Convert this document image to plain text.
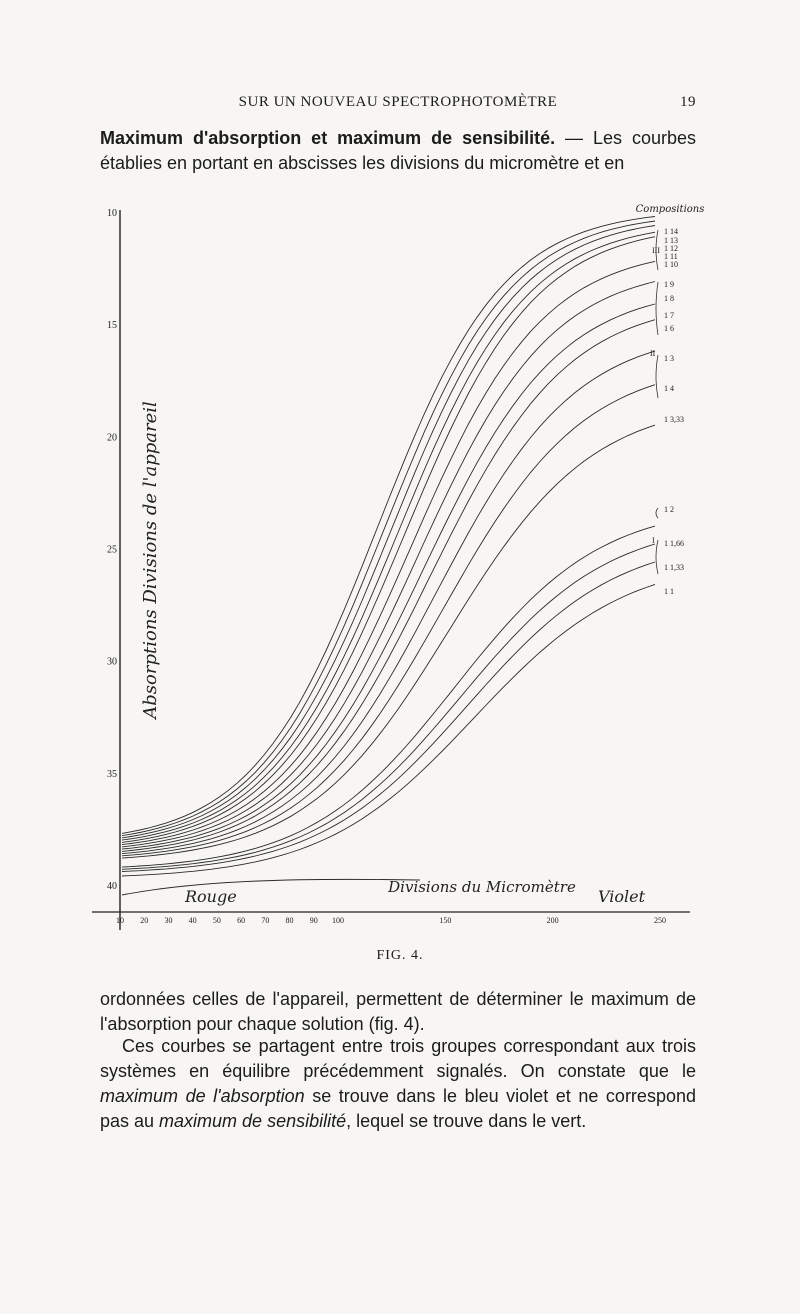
SUR UN NOUVEAU SPECTROPHOTOMÈTRE	19
Maximum d'absorption et maximum de sensibilité. — Les courbes établies en portant en abscisses les divisions du micromètre et en
10
15
20
25
30
35
40
10 20 30 40 50 60 70 80 90 100	150	200	250
1 14
1 13
1 12
1 11
1 10
1 9
1 8
1 7
1 6
1 3
1 4
1 3,33
1 2
1 1,66
1 1,33
1 1
Absorptions Divisions de l'appareil
Divisions du Micromètre
Rouge	Violet
Compositions
III
II
I
FIG. 4.
ordonnées celles de l'appareil, permettent de déterminer le maximum de l'absorption pour chaque solution (fig. 4).
Ces courbes se partagent entre trois groupes correspondant aux trois systèmes en équilibre précédemment signalés. On constate que le maximum de l'absorption se trouve dans le bleu violet et ne correspond pas au maximum de sensibilité, lequel se trouve dans le vert.
